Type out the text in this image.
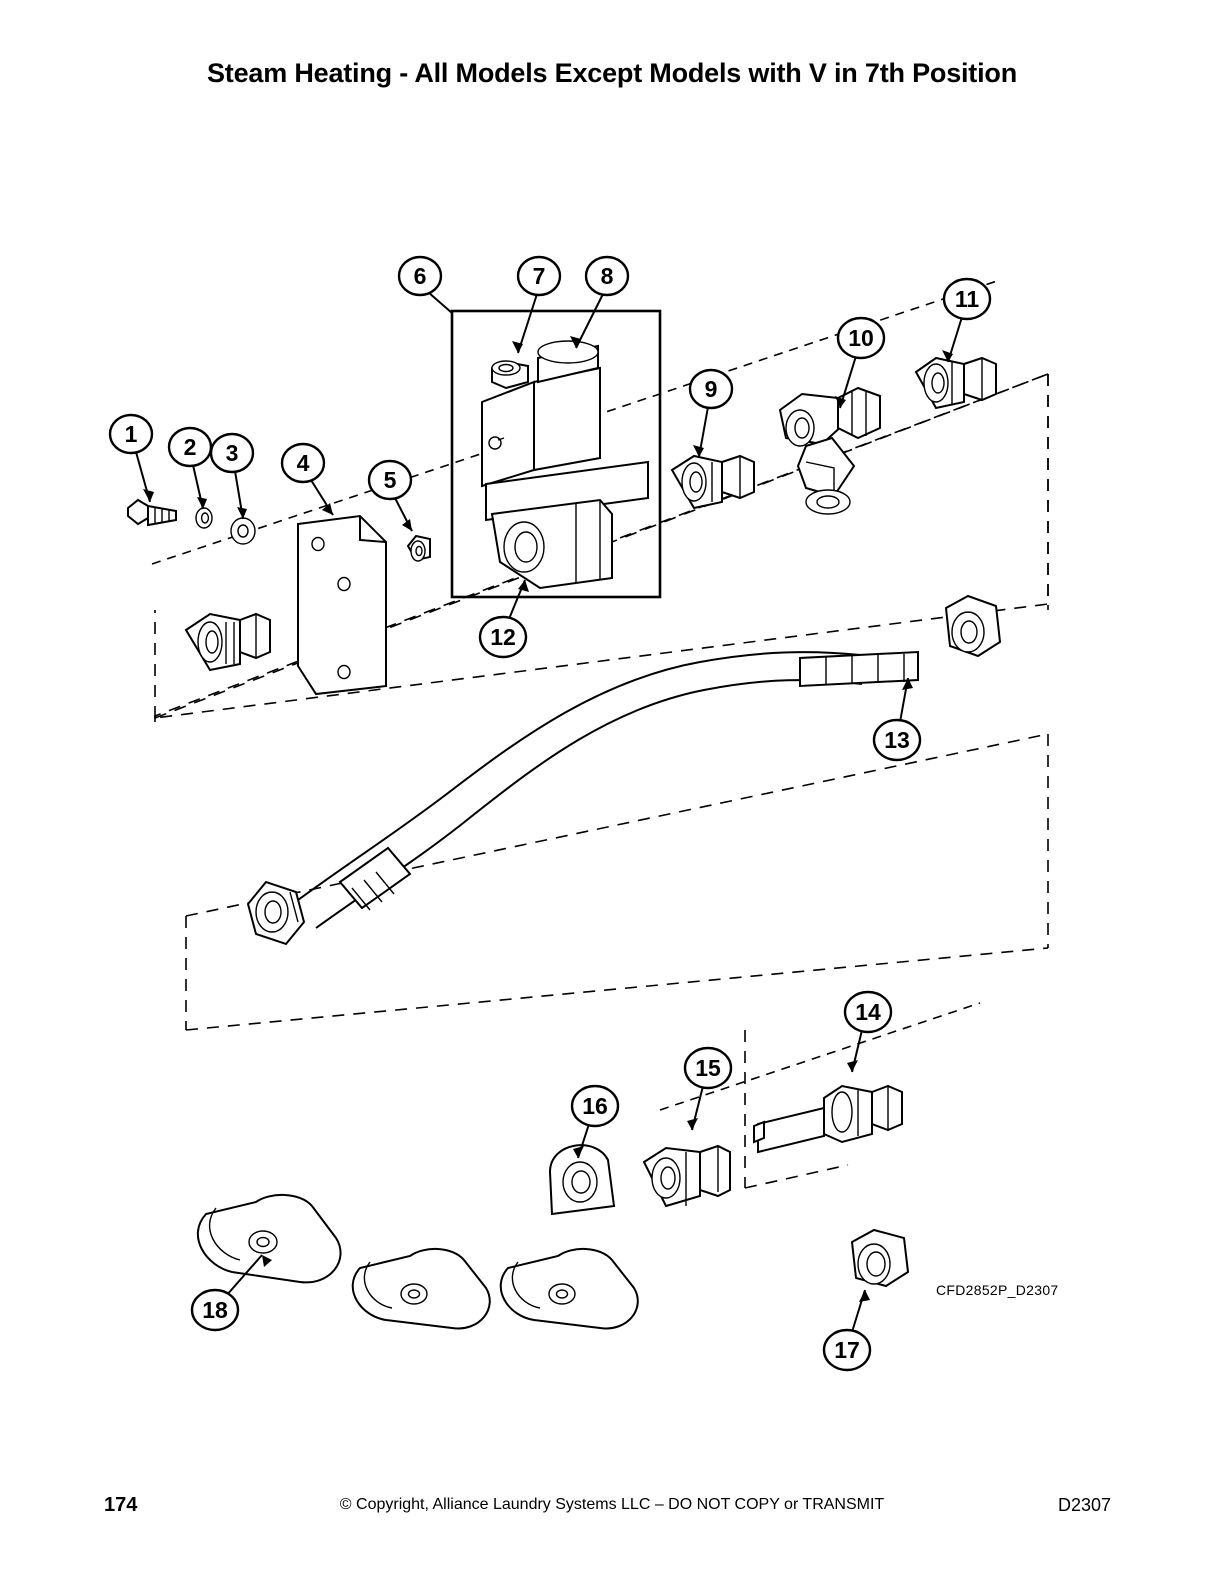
Steam Heating - All Models Except Models with V in 7th Position
1 2 3	4
5
6	7 8
9
10
11
12
13
14
15
16
17
18
CFD2852P_D2307
174	© Copyright, Alliance Laundry Systems LLC – DO NOT COPY or TRANSMIT	D2307
